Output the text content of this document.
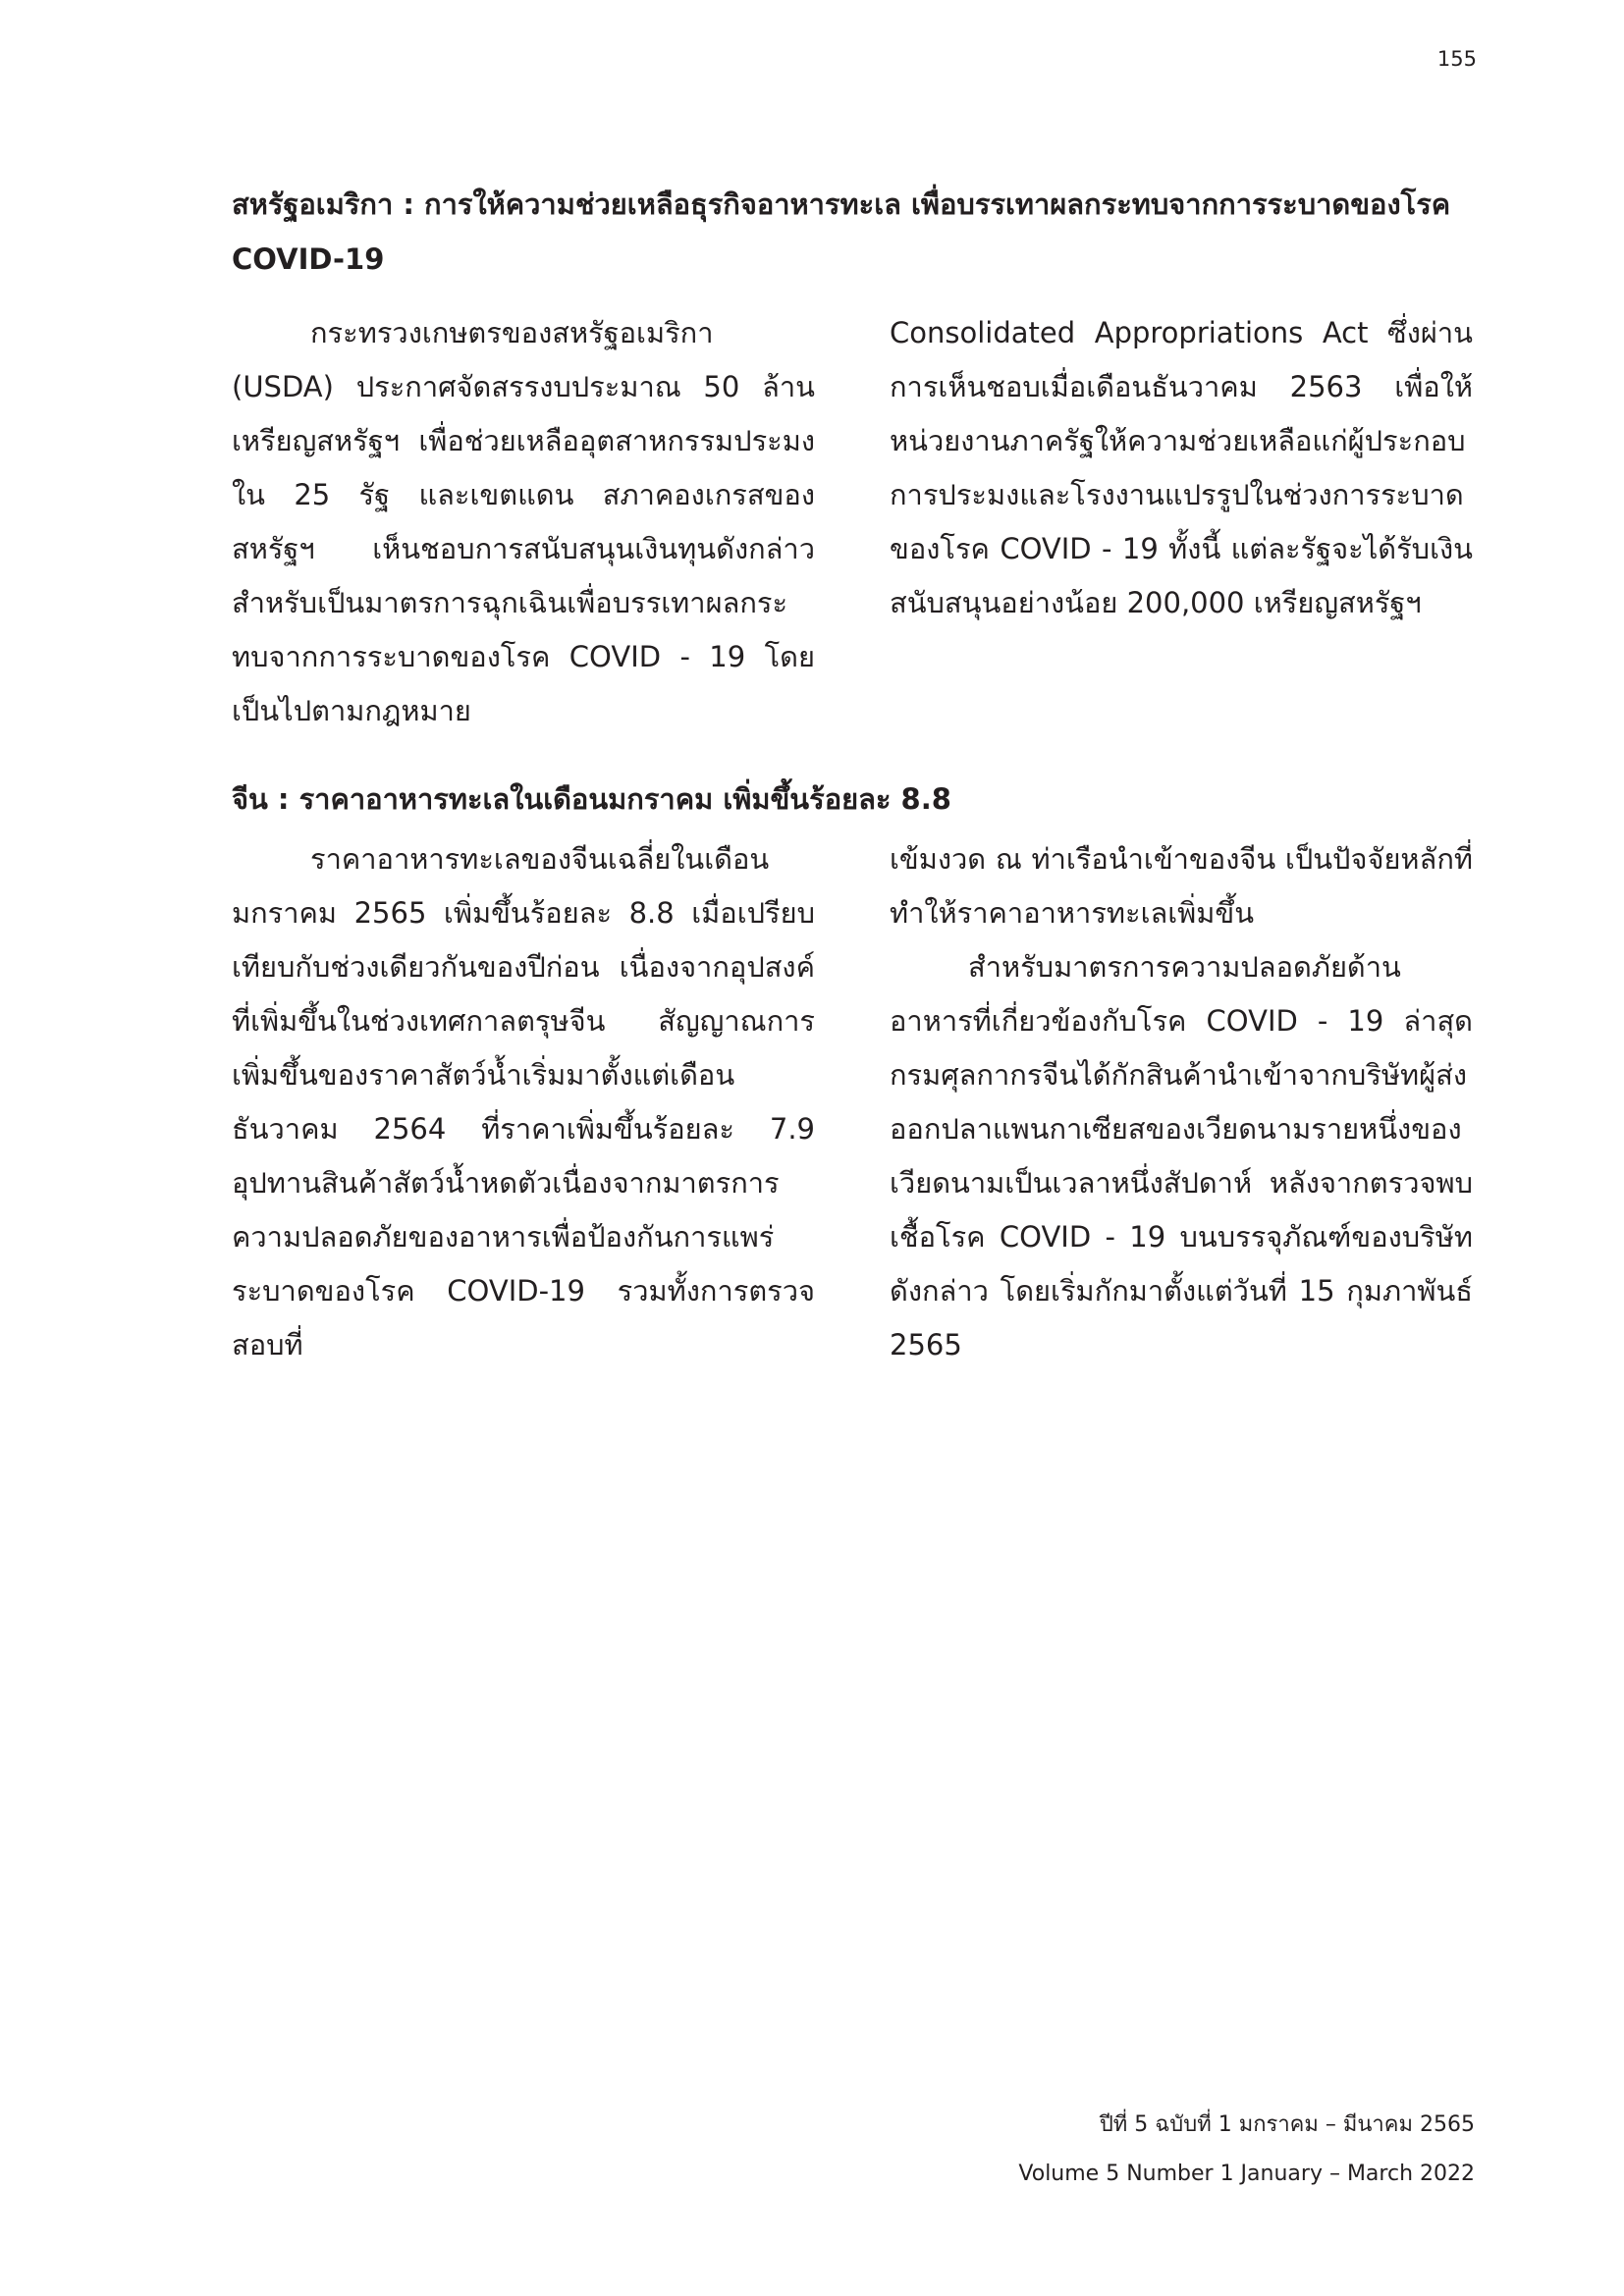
155
สหรัฐอเมริกา : การให้ความช่วยเหลือธุรกิจอาหารทะเล เพื่อบรรเทาผลกระทบจากการระบาดของโรค COVID-19

กระทรวงเกษตรของสหรัฐอเมริกา (USDA) ประกาศจัดสรรงบประมาณ 50 ล้านเหรียญสหรัฐฯ เพื่อช่วยเหลืออุตสาหกรรมประมงใน 25 รัฐ และเขตแดน สภาคองเกรสของสหรัฐฯ เห็นชอบการสนับสนุนเงินทุนดังกล่าวสำหรับเป็นมาตรการฉุกเฉินเพื่อบรรเทาผลกระทบจากการระบาดของโรค COVID - 19 โดยเป็นไปตามกฎหมาย

Consolidated Appropriations Act ซึ่งผ่านการเห็นชอบเมื่อเดือนธันวาคม 2563 เพื่อให้หน่วยงานภาครัฐให้ความช่วยเหลือแก่ผู้ประกอบการประมงและโรงงานแปรรูปในช่วงการระบาดของโรค COVID - 19 ทั้งนี้ แต่ละรัฐจะได้รับเงินสนับสนุนอย่างน้อย 200,000 เหรียญสหรัฐฯ

จีน : ราคาอาหารทะเลในเดือนมกราคม เพิ่มขึ้นร้อยละ 8.8

ราคาอาหารทะเลของจีนเฉลี่ยในเดือนมกราคม 2565 เพิ่มขึ้นร้อยละ 8.8 เมื่อเปรียบเทียบกับช่วงเดียวกันของปีก่อน เนื่องจากอุปสงค์ที่เพิ่มขึ้นในช่วงเทศกาลตรุษจีน สัญญาณการเพิ่มขึ้นของราคาสัตว์น้ำเริ่มมาตั้งแต่เดือนธันวาคม 2564 ที่ราคาเพิ่มขึ้นร้อยละ 7.9 อุปทานสินค้าสัตว์น้ำหดตัวเนื่องจากมาตรการความปลอดภัยของอาหารเพื่อป้องกันการแพร่ระบาดของโรค COVID-19 รวมทั้งการตรวจสอบที่

เข้มงวด ณ ท่าเรือนำเข้าของจีน เป็นปัจจัยหลักที่ทำให้ราคาอาหารทะเลเพิ่มขึ้น

สำหรับมาตรการความปลอดภัยด้านอาหารที่เกี่ยวข้องกับโรค COVID - 19 ล่าสุด กรมศุลกากรจีนได้กักสินค้านำเข้าจากบริษัทผู้ส่งออกปลาแพนกาเซียสของเวียดนามรายหนึ่งของเวียดนามเป็นเวลาหนึ่งสัปดาห์ หลังจากตรวจพบเชื้อโรค COVID - 19 บนบรรจุภัณฑ์ของบริษัทดังกล่าว โดยเริ่มกักมาตั้งแต่วันที่ 15 กุมภาพันธ์ 2565

ปีที่ 5 ฉบับที่ 1 มกราคม – มีนาคม 2565
Volume 5 Number 1 January – March 2022
